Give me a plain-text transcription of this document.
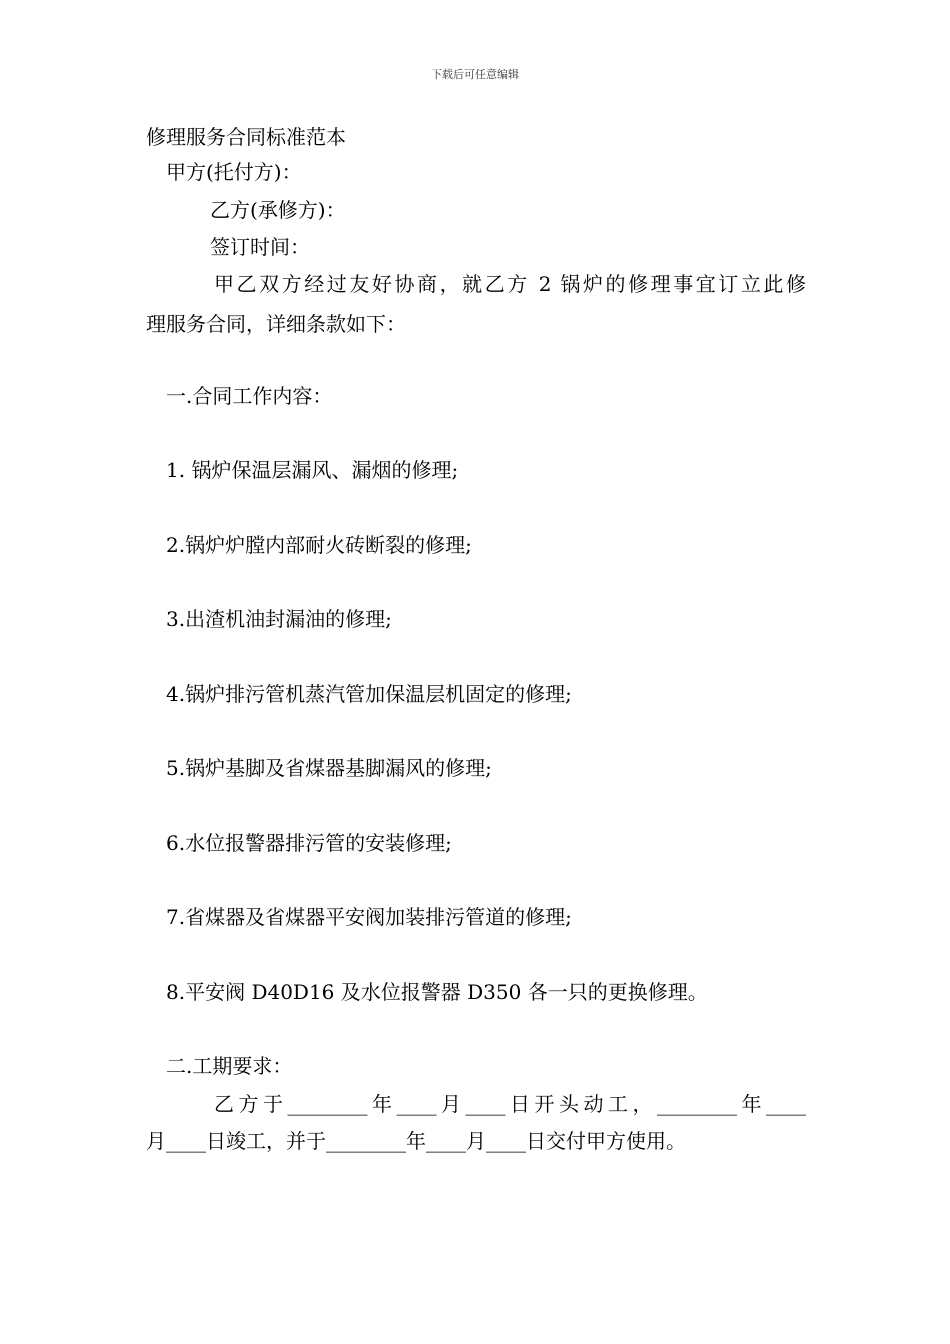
下载后可任意编辑
修理服务合同标准范本
甲方(托付方)：
乙方(承修方)：
签订时间：
甲乙双方经过友好协商，就乙方 2 锅炉的修理事宜订立此修
理服务合同，详细条款如下：
一.合同工作内容：
1. 锅炉保温层漏风、漏烟的修理;
2.锅炉炉膛内部耐火砖断裂的修理;
3.出渣机油封漏油的修理;
4.锅炉排污管机蒸汽管加保温层机固定的修理;
5.锅炉基脚及省煤器基脚漏风的修理;
6.水位报警器排污管的安装修理;
7.省煤器及省煤器平安阀加装排污管道的修理;
8.平安阀 D40D16 及水位报警器 D350 各一只的更换修理。
二.工期要求：
乙方于________年____月____日开头动工，________年____
月____日竣工，并于________年____月____日交付甲方使用。
